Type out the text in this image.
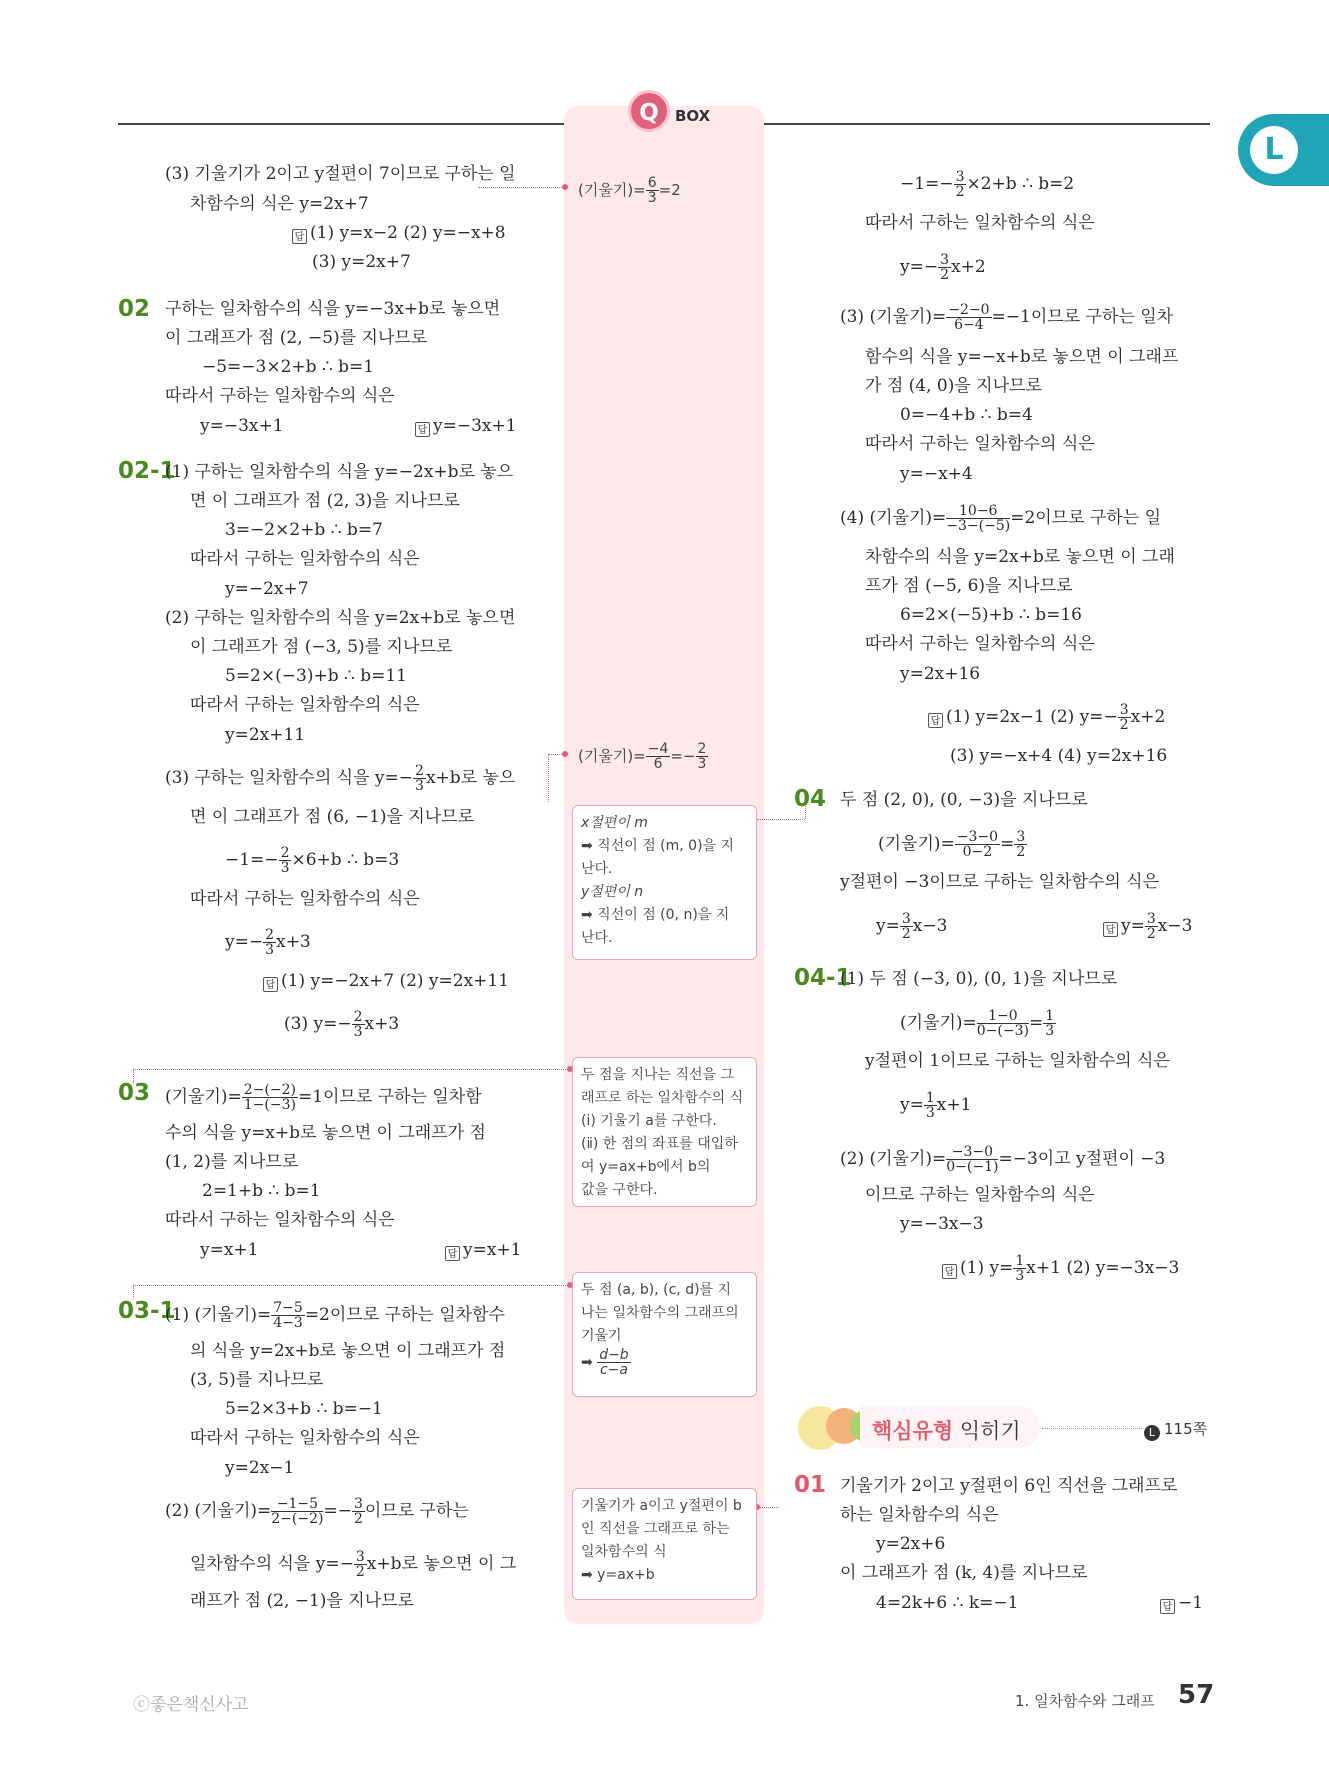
Q	BOX
L
(3) 기울기가 2이고 y절편이 7이므로 구하는 일
차함수의 식은 y=2x+7
답 (1) y=x−2 (2) y=−x+8
(3) y=2x+7
02 구하는 일차함수의 식을 y=−3x+b로 놓으면
이 그래프가 점 (2, −5)를 지나므로
−5=−3×2+b ∴ b=1
따라서 구하는 일차함수의 식은
y=−3x+1	답 y=−3x+1
02-1
(1) 구하는 일차함수의 식을 y=−2x+b로 놓으
면 이 그래프가 점 (2, 3)을 지나므로
3=−2×2+b ∴ b=7
따라서 구하는 일차함수의 식은
y=−2x+7
(2) 구하는 일차함수의 식을 y=2x+b로 놓으면
이 그래프가 점 (−3, 5)를 지나므로
5=2×(−3)+b ∴ b=11
따라서 구하는 일차함수의 식은
y=2x+11
(3) 구하는 일차함수의 식을 $y=- \frac{2}{3} x+b$로 놓으
면 이 그래프가 점 (6, −1)을 지나므로
$-1=- \frac{2}{3} \times 6+b$ ∴ b=3
따라서 구하는 일차함수의 식은
$y=- \frac{2}{3} x+3$
답 (1) y=−2x+7 (2) y=2x+11
(3) $y=- \frac{2}{3} x+3$
03 (기울기)= $\frac{2-(-2)}{1-(-3)} =1$이므로 구하는 일차함
수의 식을 y=x+b로 놓으면 이 그래프가 점
(1, 2)를 지나므로
2=1+b ∴ b=1
따라서 구하는 일차함수의 식은
y=x+1	답 y=x+1
03-1
(1) (기울기)= $\frac{7-5}{4-3} =2$이므로 구하는 일차함수
의 식을 y=2x+b로 놓으면 이 그래프가 점
(3, 5)를 지나므로
5=2×3+b ∴ b=−1
따라서 구하는 일차함수의 식은
y=2x−1
(2) (기울기)= $\frac{-1-5}{2-(-2)} =- \frac{3}{2}$ 이므로 구하는
일차함수의 식을 $y=- \frac{3}{2} x+b$로 놓으면 이 그
래프가 점 (2, −1)을 지나므로
(기울기)= $\frac{6}{3} =2$
(기울기)= $\frac{-4}{6} =- \frac{2}{3}$
x절편이 m
➡ 직선이 점 (m, 0)을 지
난다.
y절편이 n
➡ 직선이 점 (0, n)을 지
난다.
두 점을 지나는 직선을 그
래프로 하는 일차함수의 식
(ⅰ) 기울기 a를 구한다.
(ⅱ) 한 점의 좌표를 대입하
여 y=ax+b에서 b의
값을 구한다.
두 점 (a, b), (c, d)를 지
나는 일차함수의 그래프의
기울기
➡ $\frac{d-b}{c-a}$
기울기가 a이고 y절편이 b
인 직선을 그래프로 하는
일차함수의 식
➡ y=ax+b
$-1=- \frac{3}{2} \times 2+b$ ∴ b=2
따라서 구하는 일차함수의 식은
$y=- \frac{3}{2} x+2$
(3) (기울기)= $\frac{-2-0}{6-4} =-1$이므로 구하는 일차
함수의 식을 y=−x+b로 놓으면 이 그래프
가 점 (4, 0)을 지나므로
0=−4+b ∴ b=4
따라서 구하는 일차함수의 식은
y=−x+4
(4) (기울기)= $\frac{10-6}{-3-(-5)} =2$이므로 구하는 일
차함수의 식을 y=2x+b로 놓으면 이 그래
프가 점 (−5, 6)을 지나므로
6=2×(−5)+b ∴ b=16
따라서 구하는 일차함수의 식은
y=2x+16
답 (1) y=2x−1 (2) $y=- \frac{3}{2} x+2$
(3) y=−x+4 (4) y=2x+16
04 두 점 (2, 0), (0, −3)을 지나므로
(기울기)= $\frac{-3-0}{0-2} = \frac{3}{2}$
y절편이 −3이므로 구하는 일차함수의 식은
$y= \frac{3}{2} x-3$	답 $y= \frac{3}{2} x-3$
04-1
(1) 두 점 (−3, 0), (0, 1)을 지나므로
(기울기)= $\frac{1-0}{0-(-3)} = \frac{1}{3}$
y절편이 1이므로 구하는 일차함수의 식은
$y= \frac{1}{3} x+1$
(2) (기울기)= $\frac{-3-0}{0-(-1)} =-3$이고 y절편이 −3
이므로 구하는 일차함수의 식은
y=−3x−3
답 (1) $y= \frac{1}{3} x+1$ (2) y=−3x−3
핵심유형 익히기	L 115쪽
01 기울기가 2이고 y절편이 6인 직선을 그래프로
하는 일차함수의 식은
y=2x+6
이 그래프가 점 (k, 4)를 지나므로
4=2k+6 ∴ k=−1	답 −1
ⓒ좋은책신사고	1. 일차함수와 그래프 57
